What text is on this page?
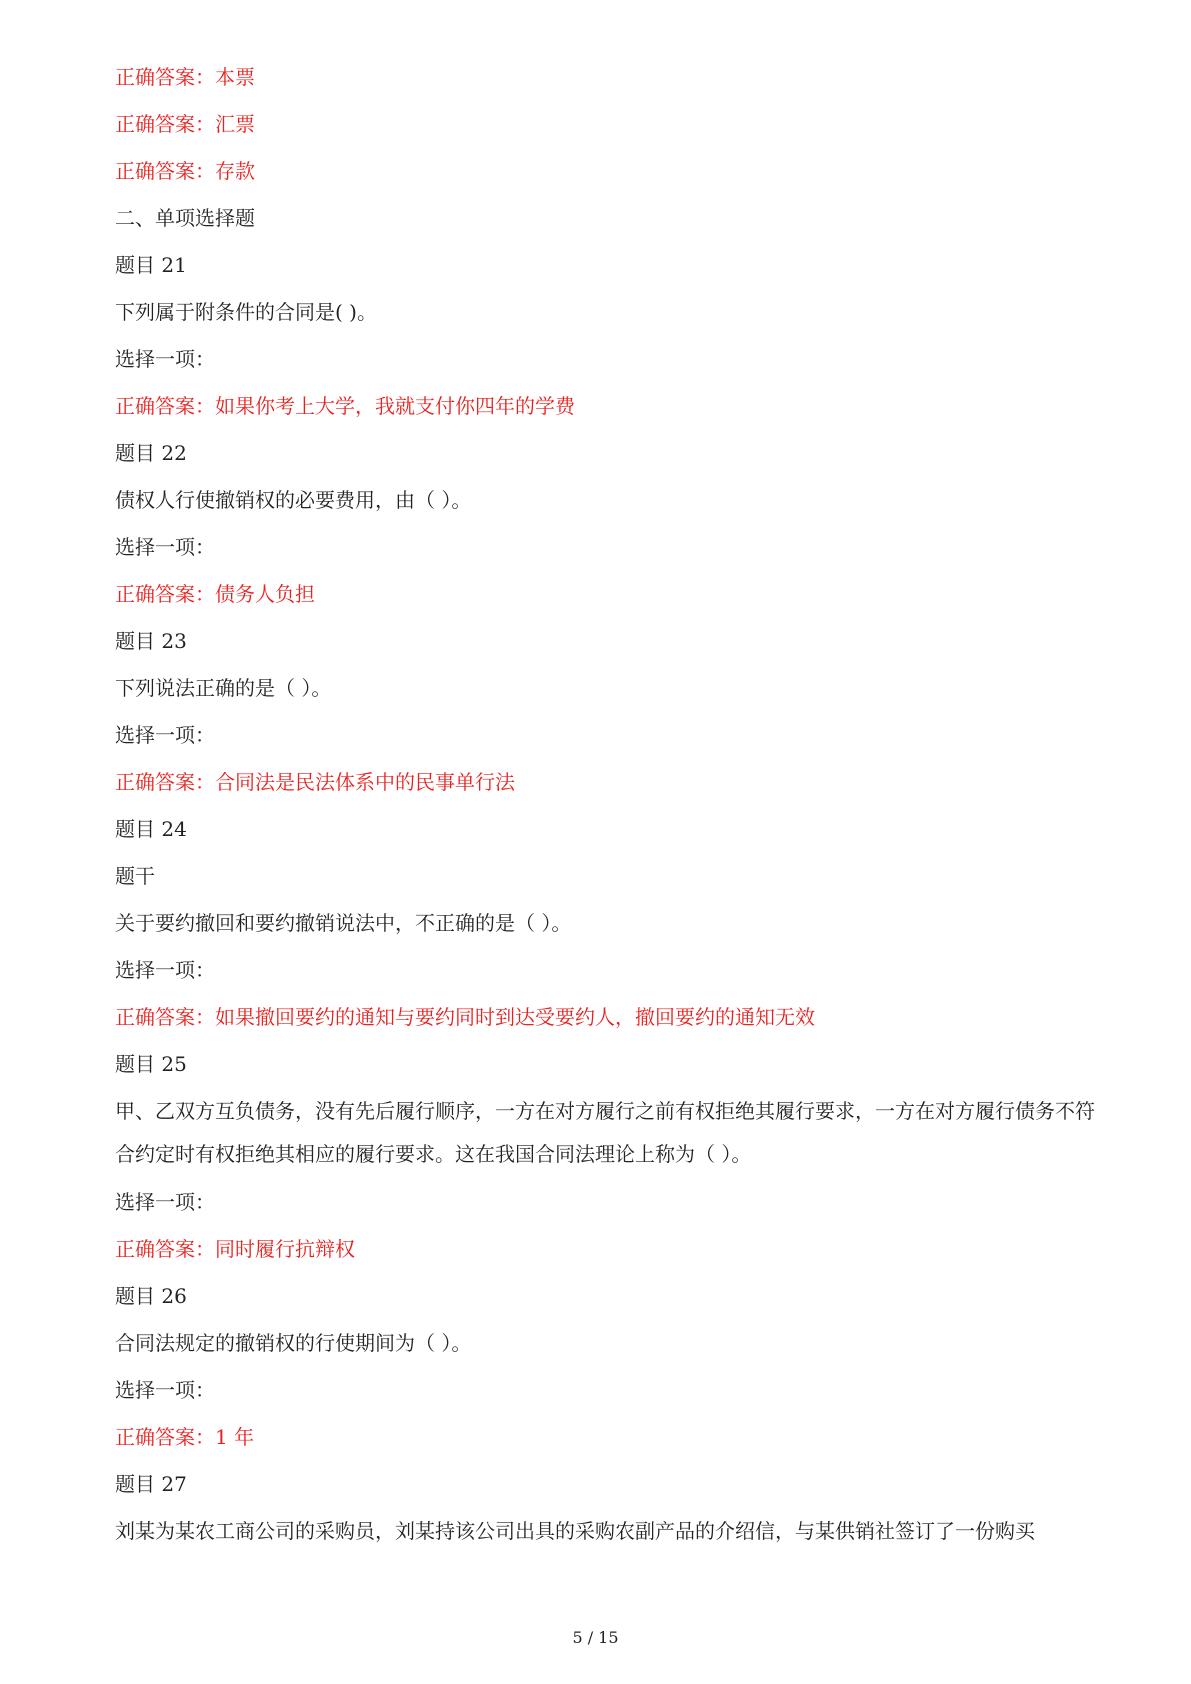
正确答案：本票

正确答案：汇票

正确答案：存款

二、单项选择题

题目 21

下列属于附条件的合同是( )。

选择一项：

正确答案：如果你考上大学，我就支付你四年的学费

题目 22

债权人行使撤销权的必要费用，由（ ）。

选择一项：

正确答案：债务人负担

题目 23

下列说法正确的是（ ）。

选择一项：

正确答案：合同法是民法体系中的民事单行法

题目 24

题干

关于要约撤回和要约撤销说法中，不正确的是（ ）。

选择一项：

正确答案：如果撤回要约的通知与要约同时到达受要约人，撤回要约的通知无效

题目 25

甲、乙双方互负债务，没有先后履行顺序，一方在对方履行之前有权拒绝其履行要求，一方在对方履行债务不符合约定时有权拒绝其相应的履行要求。这在我国合同法理论上称为（ ）。

选择一项：

正确答案：同时履行抗辩权

题目 26

合同法规定的撤销权的行使期间为（ ）。

选择一项：

正确答案：1 年

题目 27

刘某为某农工商公司的采购员，刘某持该公司出具的采购农副产品的介绍信，与某供销社签订了一份购买

5 / 15
